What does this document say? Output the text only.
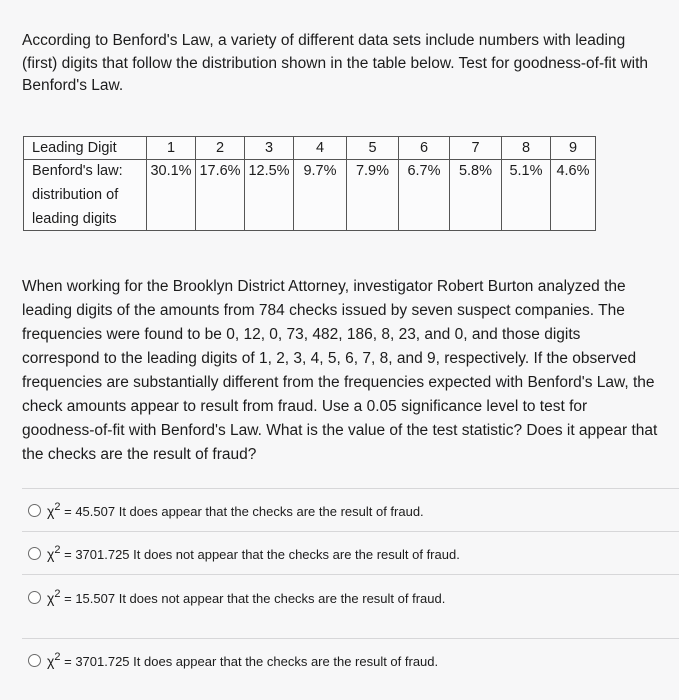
According to Benford's Law, a variety of different data sets include numbers with leading (first) digits that follow the distribution shown in the table below. Test for goodness-of-fit with Benford's Law.
Leading Digit	1	2	3	4	5	6	7	8	9

Benford's law:
distribution of
leading digits	30.1%	17.6%	12.5%	9.7%	7.9%	6.7%	5.8%	5.1%	4.6%
When working for the Brooklyn District Attorney, investigator Robert Burton analyzed the leading digits of the amounts from 784 checks issued by seven suspect companies. The frequencies were found to be 0, 12, 0, 73, 482, 186, 8, 23, and 0, and those digits correspond to the leading digits of 1, 2, 3, 4, 5, 6, 7, 8, and 9, respectively. If the observed frequencies are substantially different from the frequencies expected with Benford's Law, the check amounts appear to result from fraud. Use a 0.05 significance level to test for goodness-of-fit with Benford's Law. What is the value of the test statistic? Does it appear that the checks are the result of fraud?
$\chi^2 = 45.507$ It does appear that the checks are the result of fraud.
$\chi^2 = 3701.725$ It does not appear that the checks are the result of fraud.
$\chi^2 = 15.507$ It does not appear that the checks are the result of fraud.
$\chi^2 = 3701.725$ It does appear that the checks are the result of fraud.
